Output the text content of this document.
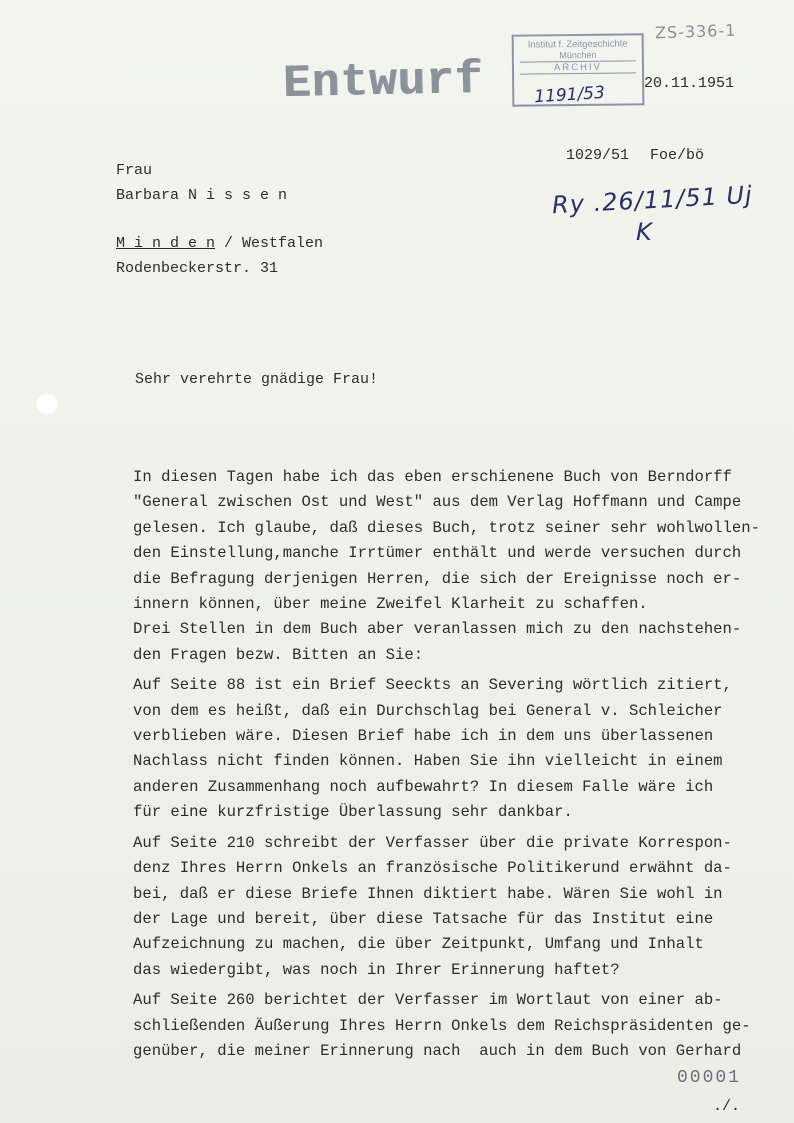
Entwurf
Institut f. Zeitgeschichte
München
ARCHIV
1191/53
ZS-336-1
20.11.1951
1029/51 Foe/bö
Ry .26/11/51 Uj
K
Frau
Barbara N i s s e n
M i n d e n / Westfalen
Rodenbeckerstr. 31
Sehr verehrte gnädige Frau!

In diesen Tagen habe ich das eben erschienene Buch von Berndorff
"General zwischen Ost und West" aus dem Verlag Hoffmann und Campe
gelesen. Ich glaube, daß dieses Buch, trotz seiner sehr wohlwollen-
den Einstellung,manche Irrtümer enthält und werde versuchen durch
die Befragung derjenigen Herren, die sich der Ereignisse noch er-
innern können, über meine Zweifel Klarheit zu schaffen.
Drei Stellen in dem Buch aber veranlassen mich zu den nachstehen-
den Fragen bezw. Bitten an Sie:

Auf Seite 88 ist ein Brief Seeckts an Severing wörtlich zitiert,
von dem es heißt, daß ein Durchschlag bei General v. Schleicher
verblieben wäre. Diesen Brief habe ich in dem uns überlassenen
Nachlass nicht finden können. Haben Sie ihn vielleicht in einem
anderen Zusammenhang noch aufbewahrt? In diesem Falle wäre ich
für eine kurzfristige Überlassung sehr dankbar.

Auf Seite 210 schreibt der Verfasser über die private Korrespon-
denz Ihres Herrn Onkels an französische Politikerund erwähnt da-
bei, daß er diese Briefe Ihnen diktiert habe. Wären Sie wohl in
der Lage und bereit, über diese Tatsache für das Institut eine
Aufzeichnung zu machen, die über Zeitpunkt, Umfang und Inhalt
das wiedergibt, was noch in Ihrer Erinnerung haftet?

Auf Seite 260 berichtet der Verfasser im Wortlaut von einer ab-
schließenden Äußerung Ihres Herrn Onkels dem Reichspräsidenten ge-
genüber, die meiner Erinnerung nach  auch in dem Buch von Gerhard

00001
./.
